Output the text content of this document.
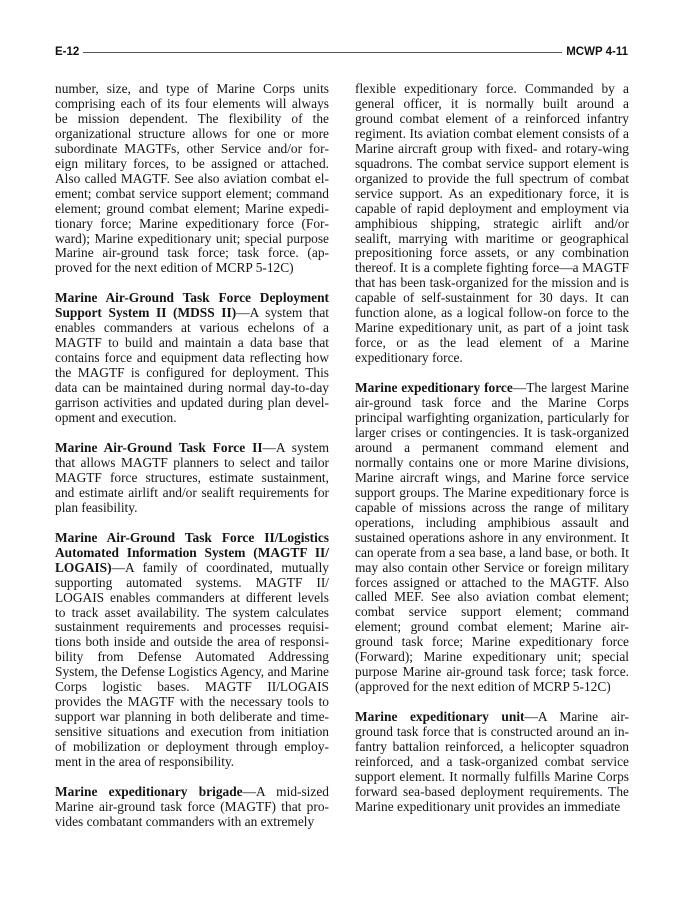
E-12	MCWP 4-11

number, size, and type of Marine Corps units comprising each of its four elements will always be mission dependent. The flexibility of the organizational structure allows for one or more subordinate MAGTFs, other Service and/or foreign military forces, to be assigned or attached. Also called MAGTF. See also aviation combat element; combat service support element; command element; ground combat element; Marine expeditionary force; Marine expeditionary force (Forward); Marine expeditionary unit; special purpose Marine air-ground task force; task force. (approved for the next edition of MCRP 5-12C)

Marine Air-Ground Task Force Deployment Support System II (MDSS II)—A system that enables commanders at various echelons of a MAGTF to build and maintain a data base that contains force and equipment data reflecting how the MAGTF is configured for deployment. This data can be maintained during normal day-to-day garrison activities and updated during plan development and execution.

Marine Air-Ground Task Force II—A system that allows MAGTF planners to select and tailor MAGTF force structures, estimate sustainment, and estimate airlift and/or sealift requirements for plan feasibility.

Marine Air-Ground Task Force II/Logistics Automated Information System (MAGTF II/ LOGAIS)—A family of coordinated, mutually supporting automated systems. MAGTF II/ LOGAIS enables commanders at different levels to track asset availability. The system calculates sustainment requirements and processes requisitions both inside and outside the area of responsibility from Defense Automated Addressing System, the Defense Logistics Agency, and Marine Corps logistic bases. MAGTF II/LOGAIS provides the MAGTF with the necessary tools to support war planning in both deliberate and time-sensitive situations and execution from initiation of mobilization or deployment through employment in the area of responsibility.

Marine expeditionary brigade—A mid-sized Marine air-ground task force (MAGTF) that provides combatant commanders with an extremely

flexible expeditionary force. Commanded by a general officer, it is normally built around a ground combat element of a reinforced infantry regiment. Its aviation combat element consists of a Marine aircraft group with fixed- and rotary-wing squadrons. The combat service support element is organized to provide the full spectrum of combat service support. As an expeditionary force, it is capable of rapid deployment and employment via amphibious shipping, strategic airlift and/or sealift, marrying with maritime or geographical prepositioning force assets, or any combination thereof. It is a complete fighting force—a MAGTF that has been task-organized for the mission and is capable of self-sustainment for 30 days. It can function alone, as a logical follow-on force to the Marine expeditionary unit, as part of a joint task force, or as the lead element of a Marine expeditionary force.

Marine expeditionary force—The largest Marine air-ground task force and the Marine Corps principal warfighting organization, particularly for larger crises or contingencies. It is task-organized around a permanent command element and normally contains one or more Marine divisions, Marine aircraft wings, and Marine force service support groups. The Marine expeditionary force is capable of missions across the range of military operations, including amphibious assault and sustained operations ashore in any environment. It can operate from a sea base, a land base, or both. It may also contain other Service or foreign military forces assigned or attached to the MAGTF. Also called MEF. See also aviation combat element; combat service support element; command element; ground combat element; Marine air-ground task force; Marine expeditionary force (Forward); Marine expeditionary unit; special purpose Marine air-ground task force; task force. (approved for the next edition of MCRP 5-12C)

Marine expeditionary unit—A Marine air-ground task force that is constructed around an infantry battalion reinforced, a helicopter squadron reinforced, and a task-organized combat service support element. It normally fulfills Marine Corps forward sea-based deployment requirements. The Marine expeditionary unit provides an immediate
